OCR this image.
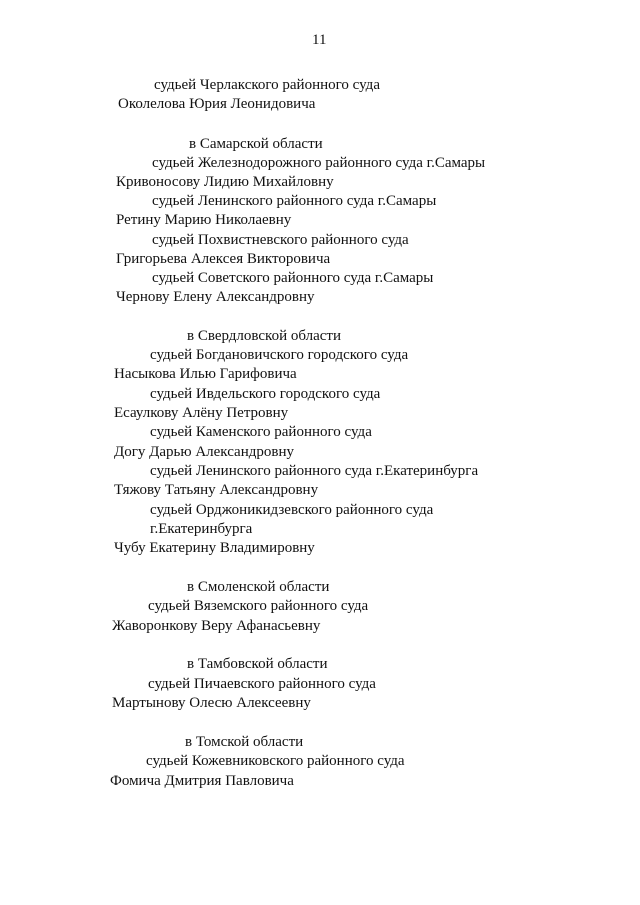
11
судьей Черлакского районного суда
Околелова Юрия Леонидовича
в Самарской области
судьей Железнодорожного районного суда г.Самары
Кривоносову Лидию Михайловну
судьей Ленинского районного суда г.Самары
Ретину Марию Николаевну
судьей Похвистневского районного суда
Григорьева Алексея Викторовича
судьей Советского районного суда г.Самары
Чернову Елену Александровну
в Свердловской области
судьей Богдановичского городского суда
Насыкова Илью Гарифовича
судьей Ивдельского городского суда
Есаулкову Алёну Петровну
судьей Каменского районного суда
Догу Дарью Александровну
судьей Ленинского районного суда г.Екатеринбурга
Тяжову Татьяну Александровну
судьей Орджоникидзевского районного суда
г.Екатеринбурга
Чубу Екатерину Владимировну
в Смоленской области
судьей Вяземского районного суда
Жаворонкову Веру Афанасьевну
в Тамбовской области
судьей Пичаевского районного суда
Мартынову Олесю Алексеевну
в Томской области
судьей Кожевниковского районного суда
Фомича Дмитрия Павловича
